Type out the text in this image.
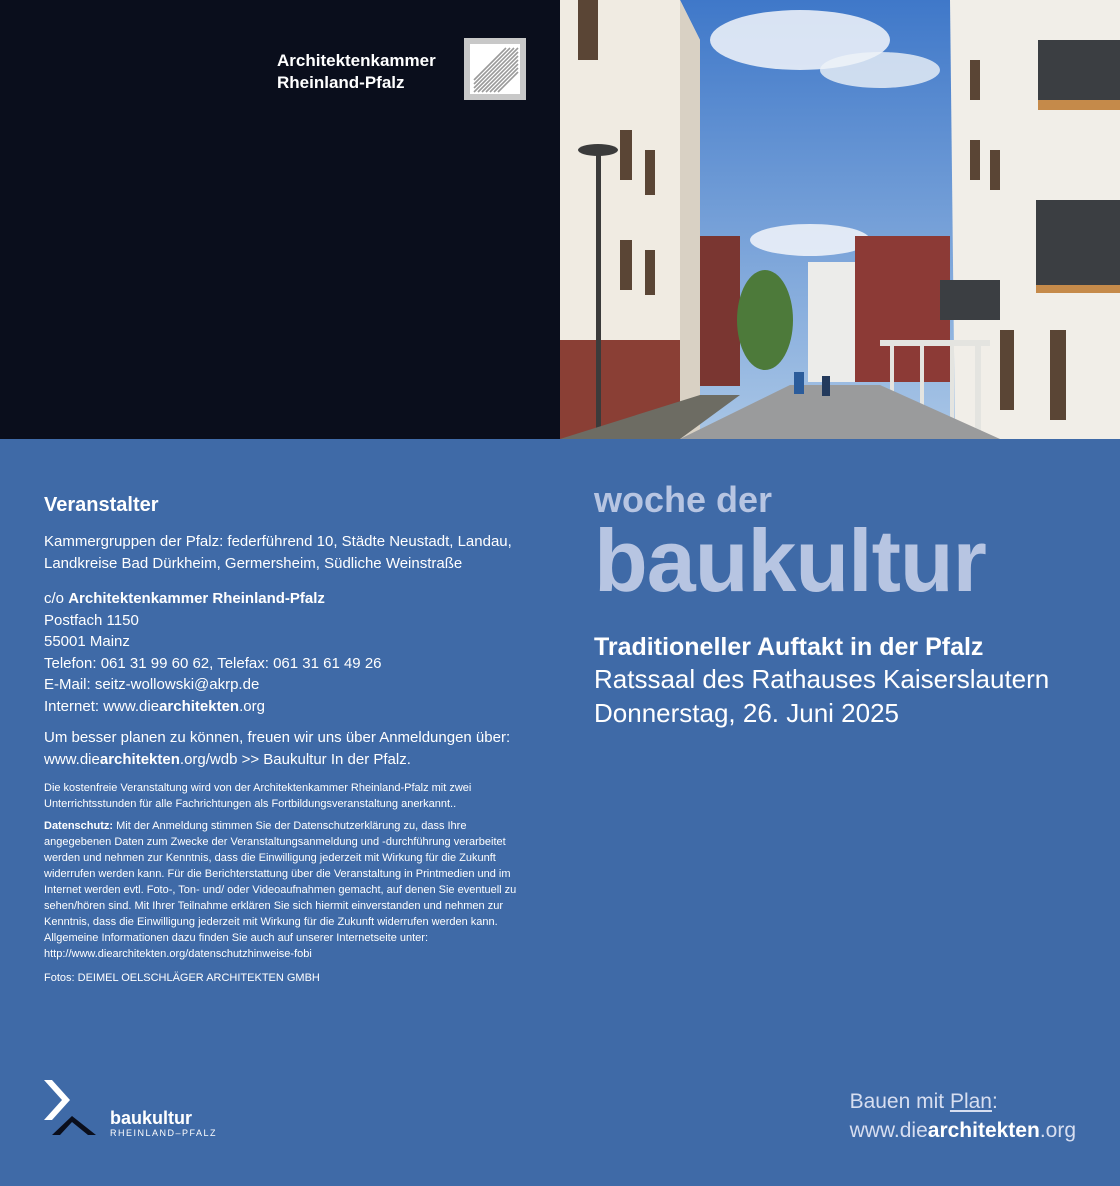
Architektenkammer
Rheinland-Pfalz
Veranstalter

Kammergruppen der Pfalz: federführend 10, Städte Neustadt, Landau, Landkreise Bad Dürkheim, Germersheim, Südliche Weinstraße

c/o Architektenkammer Rheinland-Pfalz

Postfach 1150

55001 Mainz

Telefon: 061 31 99 60 62, Telefax: 061 31 61 49 26

E-Mail: seitz-wollowski@akrp.de

Internet: www.diearchitekten.org

Um besser planen zu können, freuen wir uns über Anmeldungen über:

www.diearchitekten.org/wdb >> Baukultur In der Pfalz.

Die kostenfreie Veranstaltung wird von der Architektenkammer Rheinland-Pfalz mit zwei Unterrichtsstunden für alle Fachrichtungen als Fortbildungsveranstaltung anerkannt..

Datenschutz: Mit der Anmeldung stimmen Sie der Datenschutzerklärung zu, dass Ihre angegebenen Daten zum Zwecke der Veranstaltungsanmeldung und -durchführung verarbeitet werden und nehmen zur Kenntnis, dass die Einwilligung jederzeit mit Wirkung für die Zukunft widerrufen werden kann. Für die Berichterstattung über die Veranstaltung in Printmedien und im Internet werden evtl. Foto-, Ton- und/ oder Videoaufnahmen gemacht, auf denen Sie eventuell zu sehen/hören sind. Mit Ihrer Teilnahme erklären Sie sich hiermit einverstanden und nehmen zur Kenntnis, dass die Einwilligung jederzeit mit Wirkung für die Zukunft widerrufen werden kann. Allgemeine Informationen dazu finden Sie auch auf unserer Internetseite unter: http://www.diearchitekten.org/datenschutzhinweise-fobi

Fotos: DEIMEL OELSCHLÄGER ARCHITEKTEN GMBH

woche der
baukultur
Traditioneller Auftakt in der Pfalz
Ratssaal des Rathauses Kaiserslautern
Donnerstag, 26. Juni 2025
baukultur
RHEINLAND–PFALZ
Bauen mit Plan:
www.diearchitekten.org
